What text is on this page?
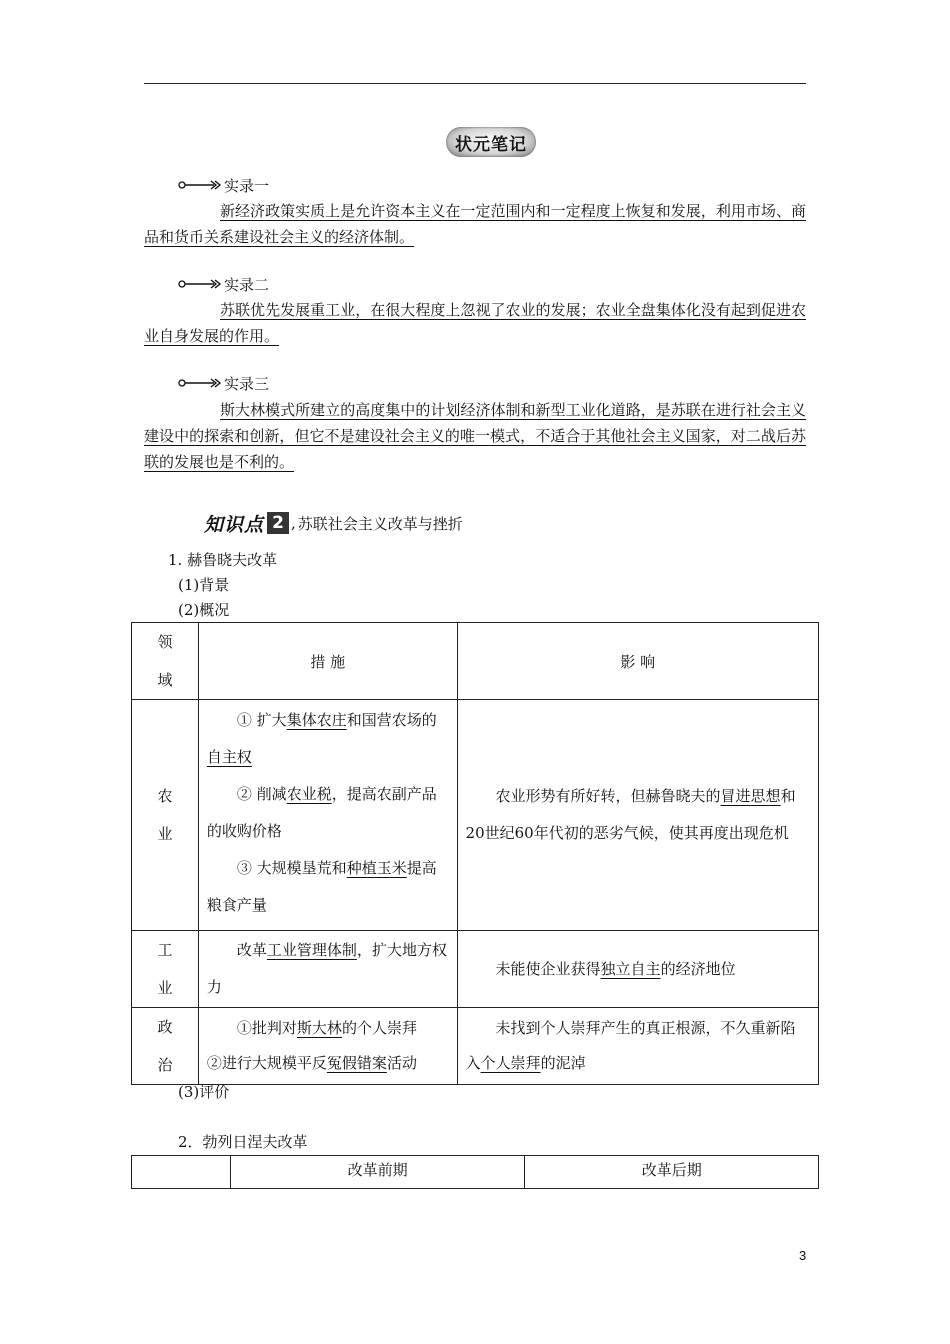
状元笔记
实录一
新经济政策实质上是允许资本主义在一定范围内和一定程度上恢复和发展，利用市场、商品和货币关系建设社会主义的经济体制。
实录二
苏联优先发展重工业，在很大程度上忽视了农业的发展；农业全盘集体化没有起到促进农业自身发展的作用。
实录三
斯大林模式所建立的高度集中的计划经济体制和新型工业化道路，是苏联在进行社会主义建设中的探索和创新，但它不是建设社会主义的唯一模式，不适合于其他社会主义国家，对二战后苏联的发展也是不利的。
知识点 2 , 苏联社会主义改革与挫折
1. 赫鲁晓夫改革
(1)背景
(2)概况
领域	措 施	影 响

农业	① 扩大集体农庄和国营农场的自主权
② 削减农业税，提高农副产品的收购价格
③ 大规模垦荒和种植玉米提高粮食产量	农业形势有所好转，但赫鲁晓夫的冒进思想和20世纪60年代初的恶劣气候，使其再度出现危机

工业	改革工业管理体制，扩大地方权力	未能使企业获得独立自主的经济地位

政治	①批判对斯大林的个人崇拜
②进行大规模平反冤假错案活动	未找到个人崇拜产生的真正根源，不久重新陷入个人崇拜的泥淖
(3)评价
2．勃列日涅夫改革
	改革前期	改革后期
3
